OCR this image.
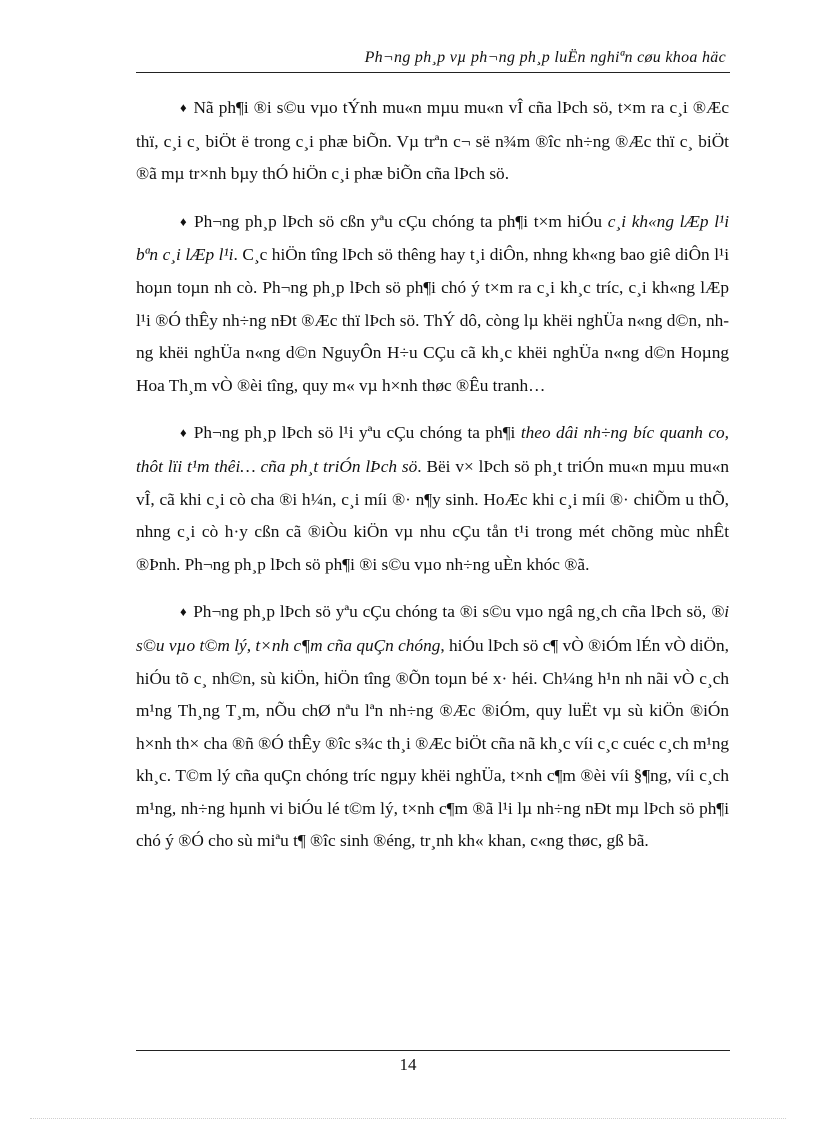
Ph¬ng ph¸p vµ ph¬ng ph¸p luËn nghiªn cøu khoa häc

♦ Nã ph¶i ®i s©u vµo tÝnh mu«n mµu mu«n vÎ cña lÞch sö, t×m ra c¸i ®Æc thï, c¸i c¸ biÖt ë trong c¸i phæ biÕn. Vµ trªn c¬ së n¾m ®îc nh÷ng ®Æc thï c¸ biÖt ®ã mµ tr×nh bµy thÓ hiÖn c¸i phæ biÕn cña lÞch sö.

♦ Ph¬ng ph¸p lÞch sö cßn yªu cÇu chóng ta ph¶i t×m hiÓu c¸i kh«ng lÆp l¹i bªn c¸i lÆp l¹i. C¸c hiÖn tîng lÞch sö thêng hay t¸i diÔn, nhng kh«ng bao giê diÔn l¹i hoµn toµn nh cò. Ph¬ng ph¸p lÞch sö ph¶i chó ý t×m ra c¸i kh¸c tríc, c¸i kh«ng lÆp l¹i ®Ó thÊy nh÷ng nÐt ®Æc thï lÞch sö. ThÝ dô, còng lµ khëi nghÜa n«ng d©n, nhng khëi nghÜa n«ng d©n NguyÔn H÷u CÇu cã kh¸c khëi nghÜa n«ng d©n Hoµng Hoa Th¸m vÒ ®èi tîng, quy m« vµ h×nh thøc ®Êu tranh…

♦ Ph¬ng ph¸p lÞch sö l¹i yªu cÇu chóng ta ph¶i theo dâi nh÷ng bíc quanh co, thôt lïi t¹m thêi… cña ph¸t triÓn lÞch sö. Bëi v× lÞch sö ph¸t triÓn mu«n mµu mu«n vÎ, cã khi c¸i cò cha ®i h¼n, c¸i míi ®· n¶y sinh. HoÆc khi c¸i míi ®· chiÕm u thÕ, nhng c¸i cò h·y cßn cã ®iÒu kiÖn vµ nhu cÇu tån t¹i trong mét chõng mùc nhÊt ®Þnh. Ph¬ng ph¸p lÞch sö ph¶i ®i s©u vµo nh÷ng uÈn khóc ®ã.

♦ Ph¬ng ph¸p lÞch sö yªu cÇu chóng ta ®i s©u vµo ngâ ng¸ch cña lÞch sö, ®i s©u vµo t©m lý, t×nh c¶m cña quÇn chóng, hiÓu lÞch sö c¶ vÒ ®iÓm lÉn vÒ diÖn, hiÓu tõ c¸ nh©n, sù kiÖn, hiÖn tîng ®Õn toµn bé x· héi. Ch¼ng h¹n nh nãi vÒ c¸ch m¹ng Th¸ng T¸m, nÕu chØ nªu lªn nh÷ng ®Æc ®iÓm, quy luËt vµ sù kiÖn ®iÓn h×nh th× cha ®ñ ®Ó thÊy ®îc s¾c th¸i ®Æc biÖt cña nã kh¸c víi c¸c cuéc c¸ch m¹ng kh¸c. T©m lý cña quÇn chóng tríc ngµy khëi nghÜa, t×nh c¶m ®èi víi §¶ng, víi c¸ch m¹ng, nh÷ng hµnh vi biÓu lé t©m lý, t×nh c¶m ®ã l¹i lµ nh÷ng nÐt mµ lÞch sö ph¶i chó ý ®Ó cho sù miªu t¶ ®îc sinh ®éng, tr¸nh kh« khan, c«ng thøc, gß bã.

14
